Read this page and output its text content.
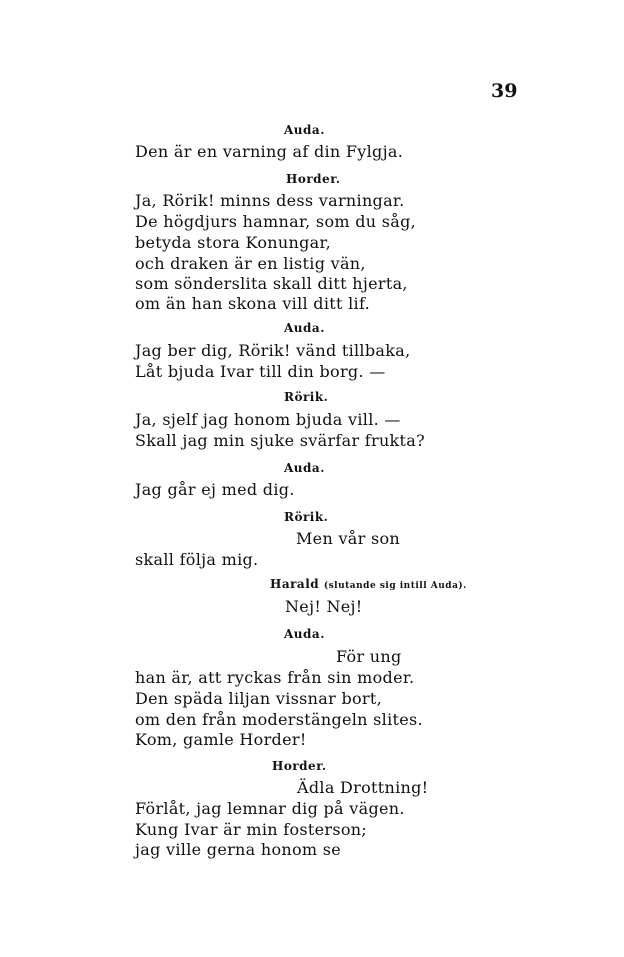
39
Auda.
Den är en varning af din Fylgja.
Horder.
Ja, Rörik! minns dess varningar.
De högdjurs hamnar, som du såg,
betyda stora Konungar,
och draken är en listig vän,
som sönderslita skall ditt hjerta,
om än han skona vill ditt lif.
Auda.
Jag ber dig, Rörik! vänd tillbaka,
Låt bjuda Ivar till din borg. —
Rörik.
Ja, sjelf jag honom bjuda vill. —
Skall jag min sjuke svärfar frukta?
Auda.
Jag går ej med dig.
Rörik.
Men vår son
skall följa mig.
Harald (slutande sig intill Auda).
Nej! Nej!
Auda.
För ung
han är, att ryckas från sin moder.
Den späda liljan vissnar bort,
om den från moderstängeln slites.
Kom, gamle Horder!
Horder.
Ädla Drottning!
Förlåt, jag lemnar dig på vägen.
Kung Ivar är min fosterson;
jag ville gerna honom se
